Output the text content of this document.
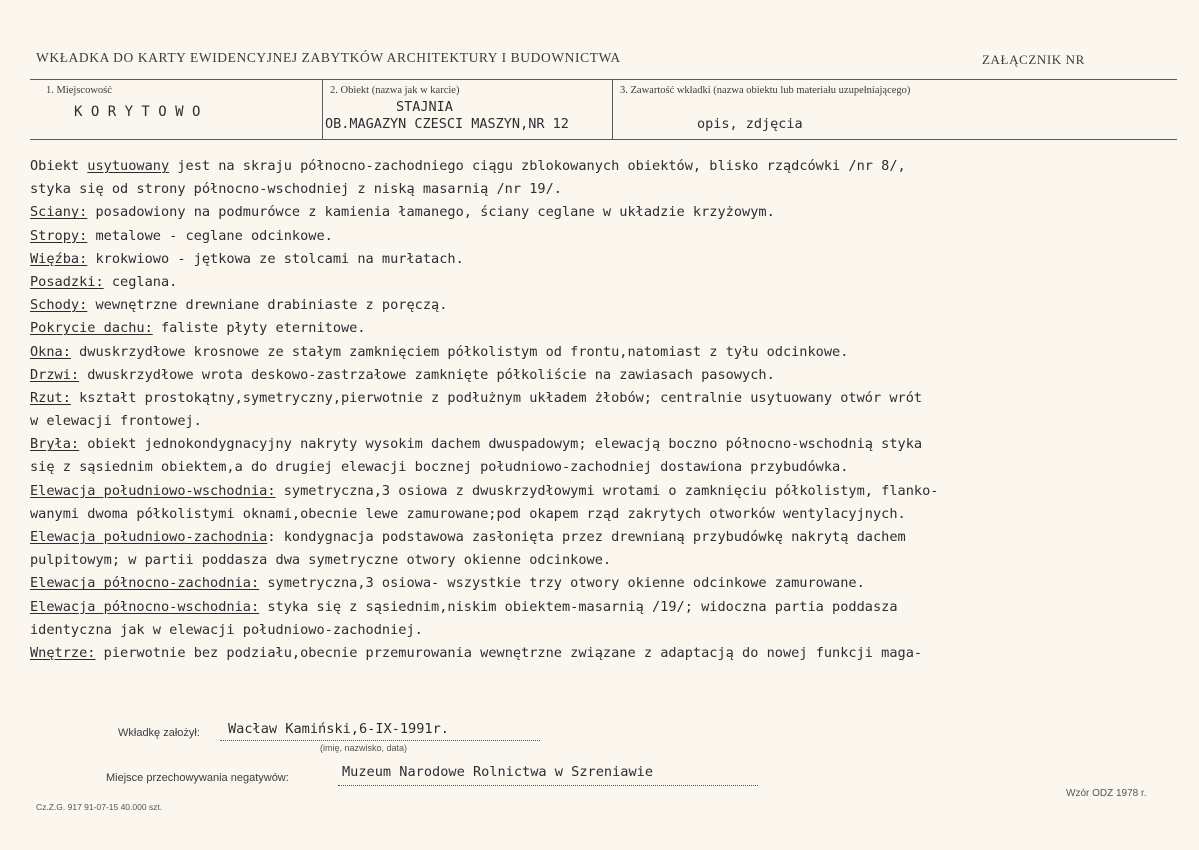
WKŁADKA DO KARTY EWIDENCYJNEJ ZABYTKÓW ARCHITEKTURY I BUDOWNICTWA	ZAŁĄCZNIK NR
1. Miejscowość
K O R Y T O W O
2. Obiekt (nazwa jak w karcie)
STAJNIA
OB.MAGAZYN CZESCI MASZYN,NR 12
3. Zawartość wkładki (nazwa obiektu lub materiału uzupełniającego)
opis, zdjęcia
Obiekt usytuowany jest na skraju północno-zachodniego ciągu zblokowanych obiektów, blisko rządcówki /nr 8/,
styka się od strony północno-wschodniej z niską masarnią /nr 19/.
Sciany: posadowiony na podmurówce z kamienia łamanego, ściany ceglane w układzie krzyżowym.
Stropy: metalowe - ceglane odcinkowe.
Więźba: krokwiowo - jętkowa ze stolcami na murłatach.
Posadzki: ceglana.
Schody: wewnętrzne drewniane drabiniaste z poręczą.
Pokrycie dachu: faliste płyty eternitowe.
Okna: dwuskrzydłowe krosnowe ze stałym zamknięciem półkolistym od frontu,natomiast z tyłu odcinkowe.
Drzwi: dwuskrzydłowe wrota deskowo-zastrzałowe zamknięte półkoliście na zawiasach pasowych.
Rzut: kształt prostokątny,symetryczny,pierwotnie z podłużnym układem żłobów; centralnie usytuowany otwór wrót
w elewacji frontowej.
Bryła: obiekt jednokondygnacyjny nakryty wysokim dachem dwuspadowym; elewacją boczno północno-wschodnią styka
się z sąsiednim obiektem,a do drugiej elewacji bocznej południowo-zachodniej dostawiona przybudówka.
Elewacja południowo-wschodnia: symetryczna,3 osiowa z dwuskrzydłowymi wrotami o zamknięciu półkolistym, flanko-
wanymi dwoma półkolistymi oknami,obecnie lewe zamurowane;pod okapem rząd zakrytych otworków wentylacyjnych.
Elewacja południowo-zachodnia: kondygnacja podstawowa zasłonięta przez drewnianą przybudówkę nakrytą dachem
pulpitowym; w partii poddasza dwa symetryczne otwory okienne odcinkowe.
Elewacja północno-zachodnia: symetryczna,3 osiowa- wszystkie trzy otwory okienne odcinkowe zamurowane.
Elewacja północno-wschodnia: styka się z sąsiednim,niskim obiektem-masarnią /19/; widoczna partia poddasza
identyczna jak w elewacji południowo-zachodniej.
Wnętrze: pierwotnie bez podziału,obecnie przemurowania wewnętrzne związane z adaptacją do nowej funkcji maga-
Wkładkę założył: Wacław Kamiński,6-IX-1991r.
(imię, nazwisko, data)
Miejsce przechowywania negatywów:	Muzeum Narodowe Rolnictwa w Szreniawie
Cz.Z.G. 917 91-07-15 40.000 szt.
Wzór ODZ 1978 r.
